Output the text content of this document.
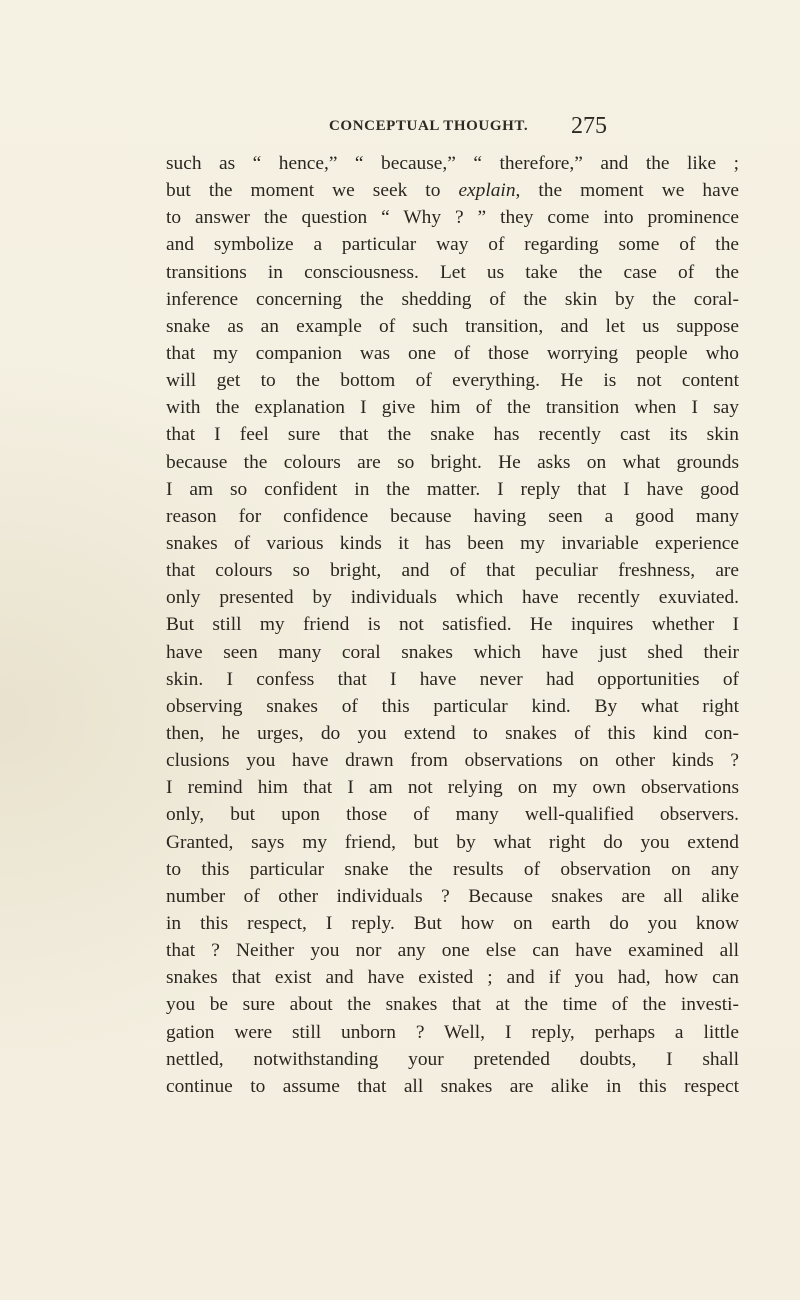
CONCEPTUAL THOUGHT. 275
such as “ hence,” “ because,” “ therefore,” and the like ;
but the moment we seek to explain, the moment we have
to answer the question “ Why ? ” they come into prominence
and symbolize a particular way of regarding some of the
transitions in consciousness. Let us take the case of the
inference concerning the shedding of the skin by the coral-
snake as an example of such transition, and let us suppose
that my companion was one of those worrying people who
will get to the bottom of everything. He is not content
with the explanation I give him of the transition when I say
that I feel sure that the snake has recently cast its skin
because the colours are so bright. He asks on what grounds
I am so confident in the matter. I reply that I have good
reason for confidence because having seen a good many
snakes of various kinds it has been my invariable experience
that colours so bright, and of that peculiar freshness, are
only presented by individuals which have recently exuviated.
But still my friend is not satisfied. He inquires whether I
have seen many coral snakes which have just shed their
skin. I confess that I have never had opportunities of
observing snakes of this particular kind. By what right
then, he urges, do you extend to snakes of this kind con-
clusions you have drawn from observations on other kinds ?
I remind him that I am not relying on my own observations
only, but upon those of many well-qualified observers.
Granted, says my friend, but by what right do you extend
to this particular snake the results of observation on any
number of other individuals ? Because snakes are all alike
in this respect, I reply. But how on earth do you know
that ? Neither you nor any one else can have examined all
snakes that exist and have existed ; and if you had, how can
you be sure about the snakes that at the time of the investi-
gation were still unborn ? Well, I reply, perhaps a little
nettled, notwithstanding your pretended doubts, I shall
continue to assume that all snakes are alike in this respect
